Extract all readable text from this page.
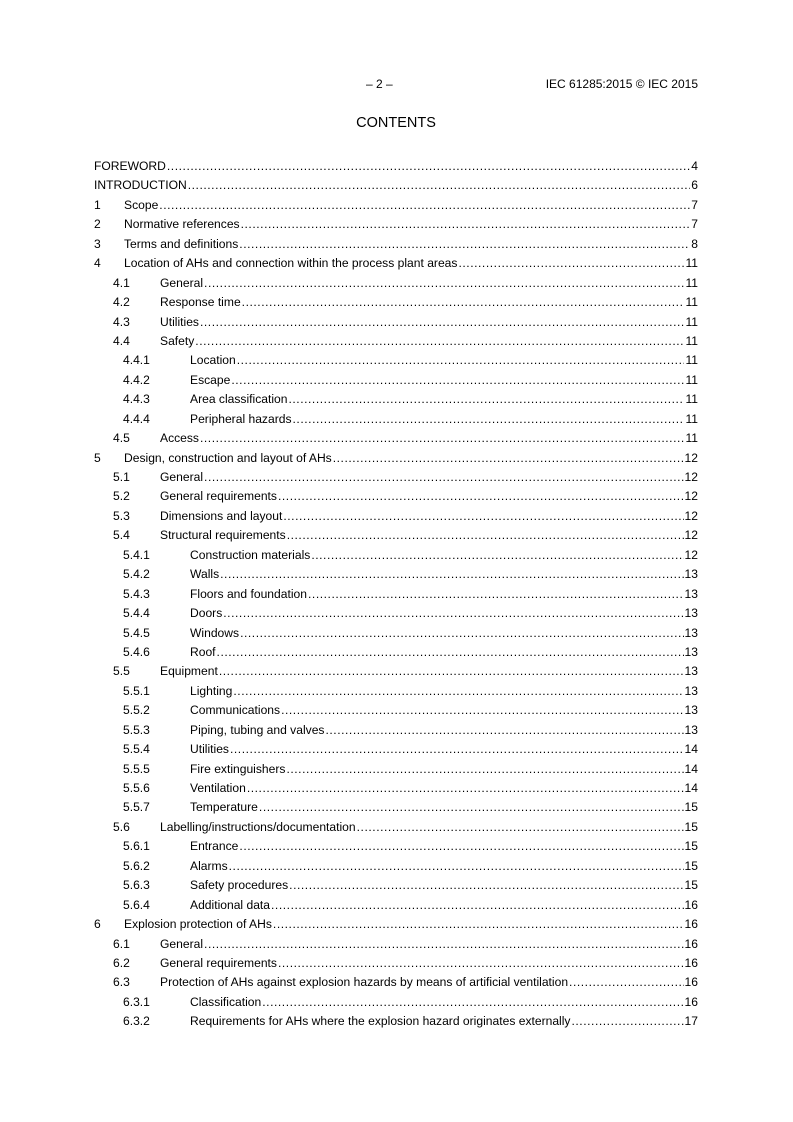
– 2 –	IEC 61285:2015 © IEC 2015
CONTENTS
FOREWORD .....	4
INTRODUCTION .....	6
1 Scope .....	7
2 Normative references .....	7
3 Terms and definitions .....	8
4 Location of AHs and connection within the process plant areas .....	11
4.1 General .....	11
4.2 Response time .....	11
4.3 Utilities .....	11
4.4 Safety .....	11
4.4.1	Location .....	11
4.4.2	Escape .....	11
4.4.3	Area classification .....	11
4.4.4	Peripheral hazards .....	11
4.5 Access .....	11
5 Design, construction and layout of AHs .....	12
5.1 General .....	12
5.2 General requirements .....	12
5.3 Dimensions and layout .....	12
5.4 Structural requirements .....	12
5.4.1	Construction materials .....	12
5.4.2	Walls .....	13
5.4.3	Floors and foundation .....	13
5.4.4	Doors .....	13
5.4.5	Windows .....	13
5.4.6	Roof .....	13
5.5 Equipment .....	13
5.5.1	Lighting .....	13
5.5.2	Communications .....	13
5.5.3	Piping, tubing and valves .....	13
5.5.4	Utilities .....	14
5.5.5	Fire extinguishers .....	14
5.5.6	Ventilation .....	14
5.5.7	Temperature .....	15
5.6 Labelling/instructions/documentation .....	15
5.6.1	Entrance .....	15
5.6.2	Alarms .....	15
5.6.3	Safety procedures .....	15
5.6.4	Additional data .....	16
6 Explosion protection of AHs .....	16
6.1 General .....	16
6.2 General requirements .....	16
6.3 Protection of AHs against explosion hazards by means of artificial ventilation .....	16
6.3.1	Classification .....	16
6.3.2	Requirements for AHs where the explosion hazard originates externally .....	17
